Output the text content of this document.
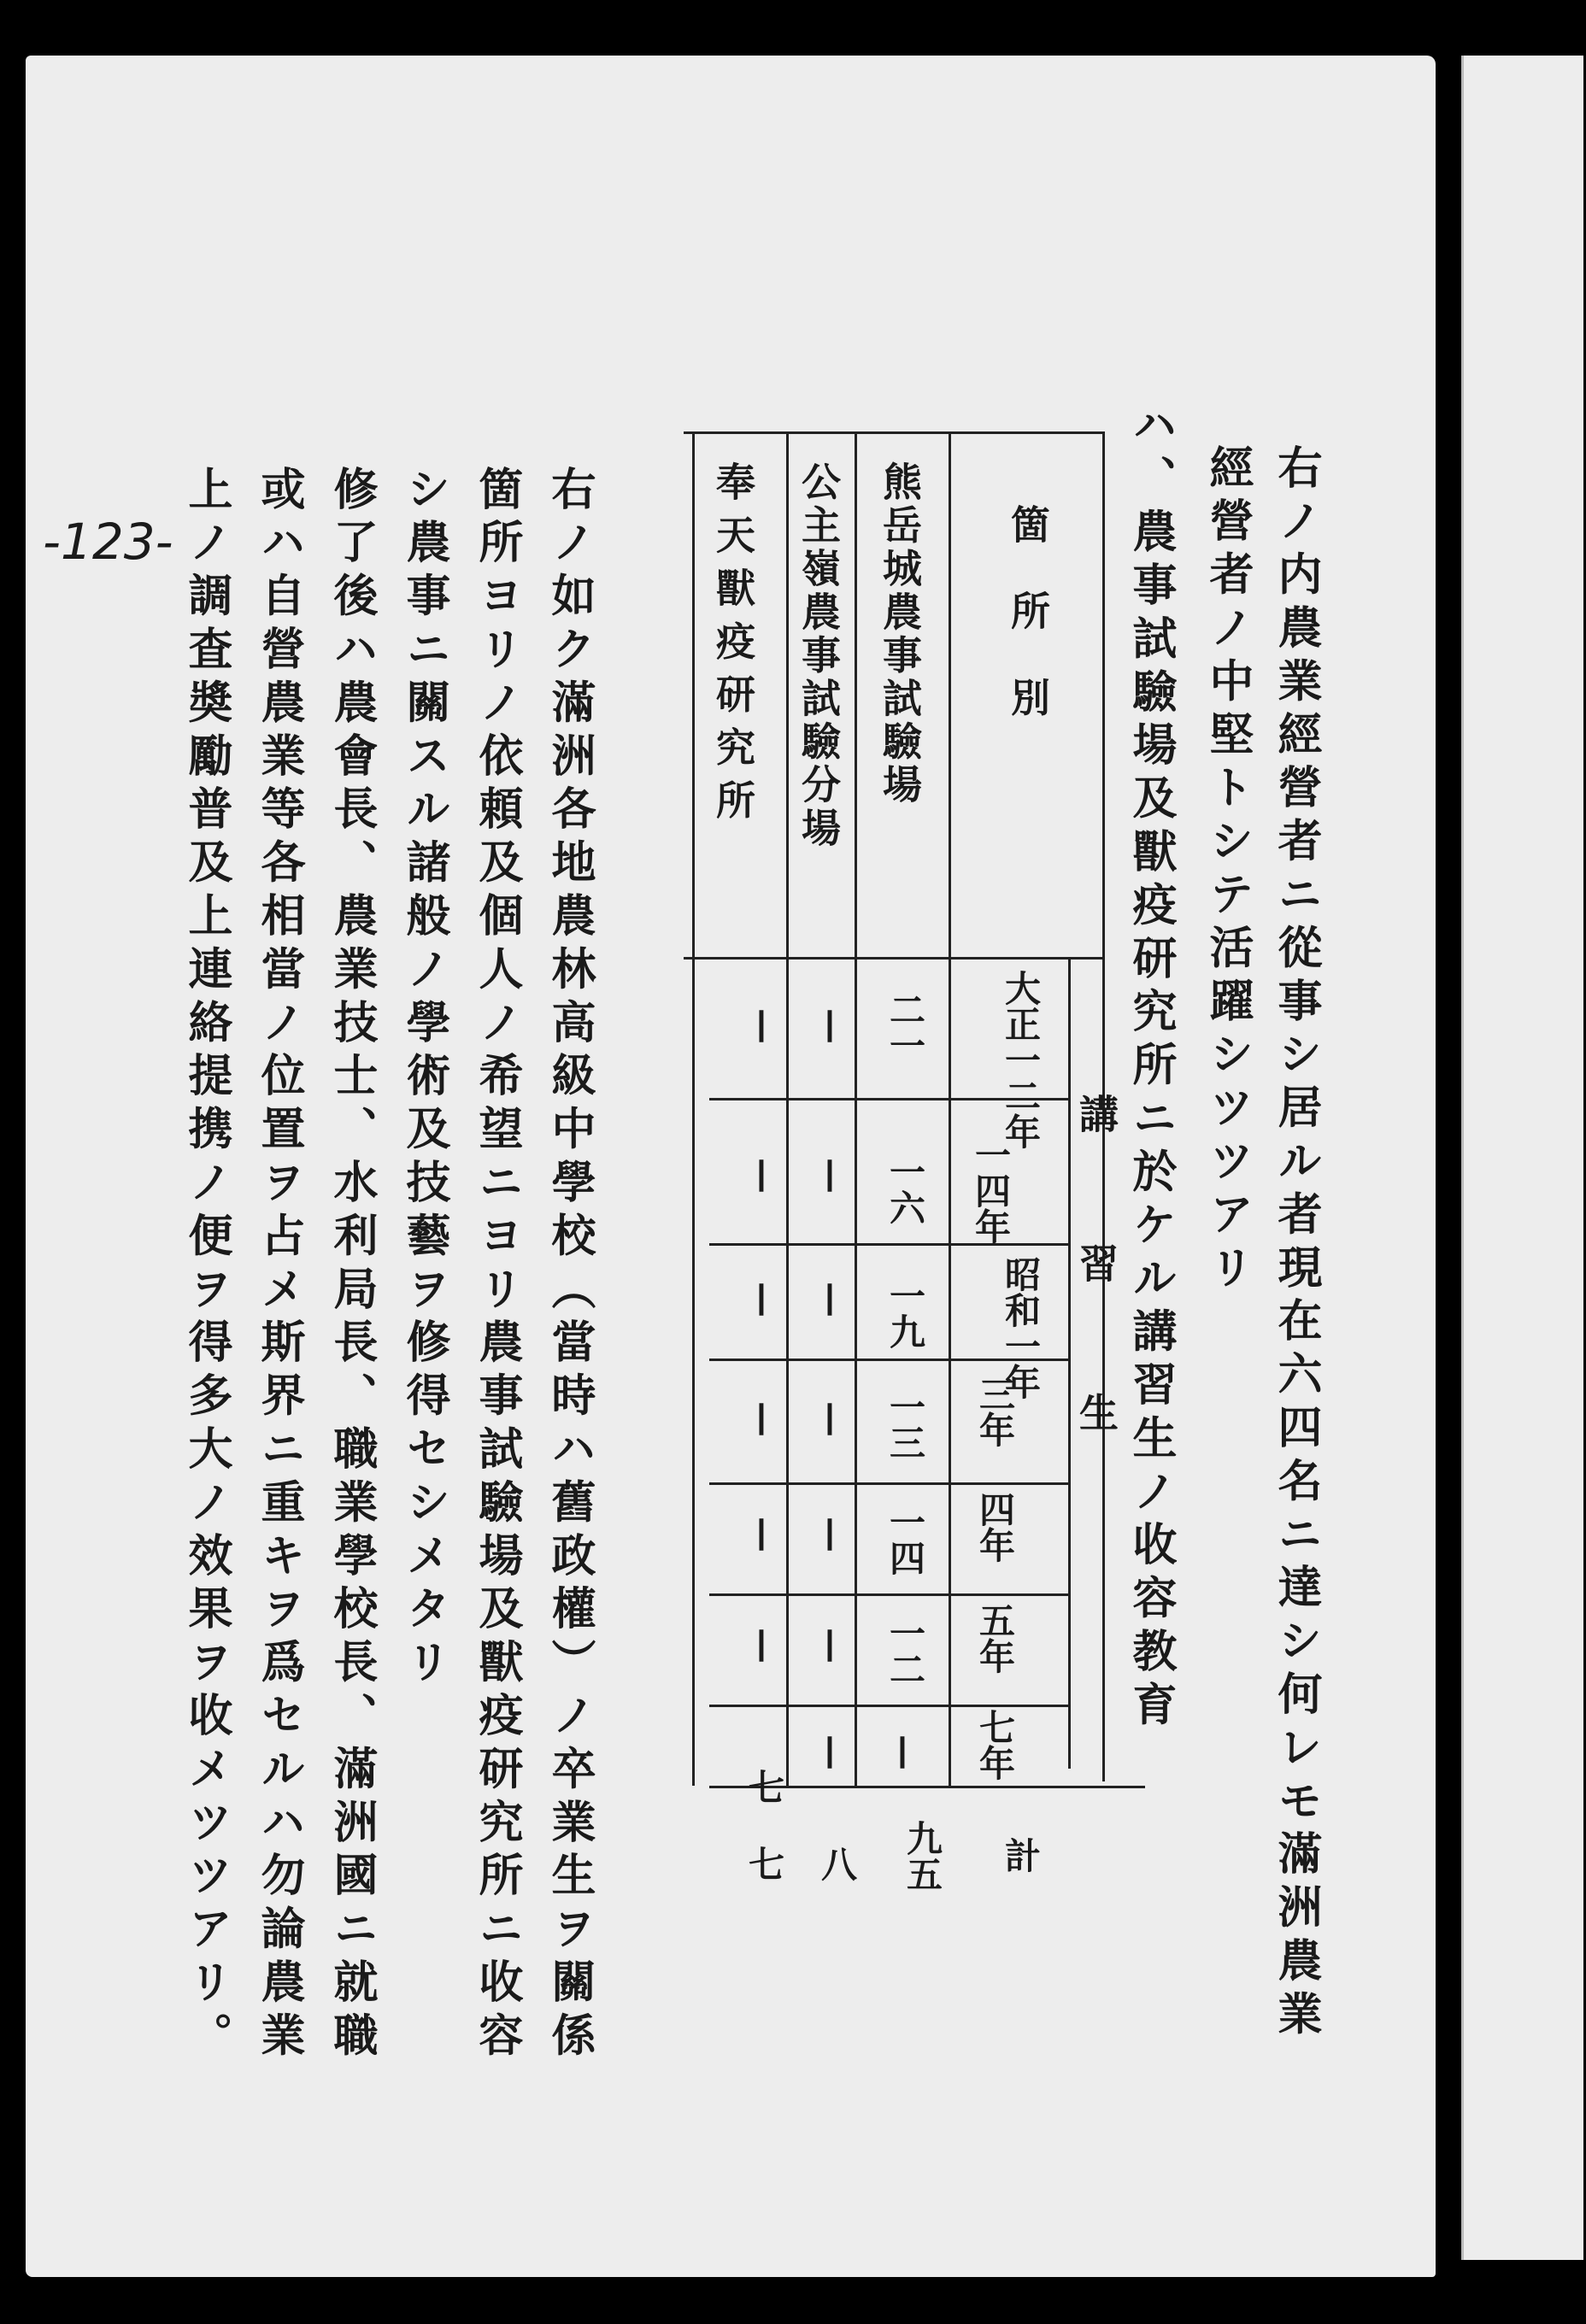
-123-	右ノ内農業經營者ニ從事シ居ル者現在六四名ニ達シ何レモ滿洲農業
經營者ノ中堅トシテ活躍シツツアリ
ハ、農事試驗場及獸疫研究所ニ於ケル講習生ノ收容教育
箇所別
講習生
熊岳城農事試驗場
公主嶺農事試驗分場
奉天獸疫研究所
大正一二年
一四年
昭和一年
三年
四年
五年
七年
計
二一
一六
一九
一三
一四
一二
—
九五
—
—
—
—
—
—
—
八
—
—
—
—
—
—
七
七
右ノ如ク滿洲各地農林高級中學校（當時ハ舊政權）ノ卒業生ヲ關係
箇所ヨリノ依頼及個人ノ希望ニヨリ農事試驗場及獸疫研究所ニ收容
シ農事ニ關スル諸般ノ學術及技藝ヲ修得セシメタリ
修了後ハ農會長、農業技士、水利局長、職業學校長、滿洲國ニ就職
或ハ自營農業等各相當ノ位置ヲ占メ斯界ニ重キヲ爲セルハ勿論農業
上ノ調査奬勵普及上連絡提携ノ便ヲ得多大ノ效果ヲ收メツツアリ。
